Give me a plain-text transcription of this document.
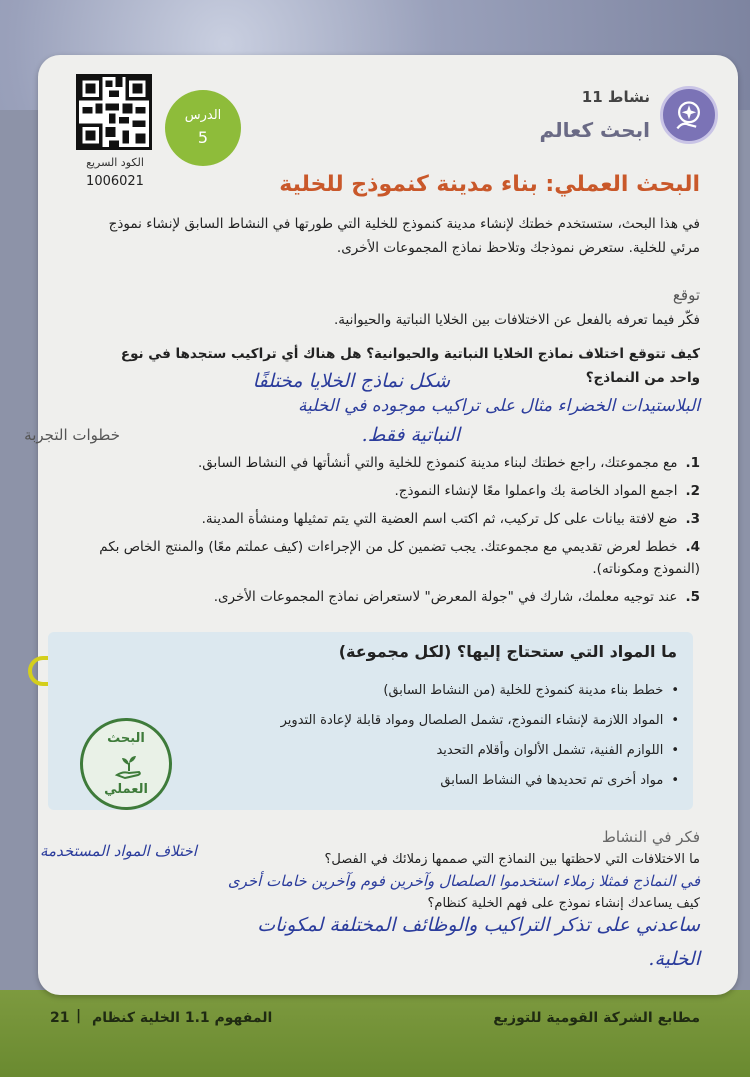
الكود السريع
1006021
الدرس
5
نشاط 11
ابحث كعالم
البحث العملي: بناء مدينة كنموذج للخلية
في هذا البحث، ستستخدم خطتك لإنشاء مدينة كنموذج للخلية التي طورتها في النشاط السابق لإنشاء نموذج مرئي للخلية. ستعرض نموذجك وتلاحظ نماذج المجموعات الأخرى.
توقع
فكّر فيما تعرفه بالفعل عن الاختلافات بين الخلايا النباتية والحيوانية.
كيف تتوقع اختلاف نماذج الخلايا النباتية والحيوانية؟ هل هناك أي تراكيب ستجدها في نوع واحد من النماذج؟
شكل نماذج الخلايا مختلفًا
البلاستيدات الخضراء مثال على تراكيب موجوده في الخلية
النباتية فقط.
خطوات التجربة
1.مع مجموعتك، راجع خطتك لبناء مدينة كنموذج للخلية والتي أنشأتها في النشاط السابق.
2.اجمع المواد الخاصة بك واعملوا معًا لإنشاء النموذج.
3.ضع لافتة بيانات على كل تركيب، ثم اكتب اسم العضية التي يتم تمثيلها ومنشأة المدينة.
4.خطط لعرض تقديمي مع مجموعتك. يجب تضمين كل من الإجراءات (كيف عملتم معًا) والمنتج الخاص بكم (النموذج ومكوناته).
5.عند توجيه معلمك، شارك في "جولة المعرض" لاستعراض نماذج المجموعات الأخرى.
ما المواد التي ستحتاج إليها؟ (لكل مجموعة)
• خطط بناء مدينة كنموذج للخلية (من النشاط السابق)
• المواد اللازمة لإنشاء النموذج، تشمل الصلصال ومواد قابلة لإعادة التدوير
• اللوازم الفنية، تشمل الألوان وأقلام التحديد
• مواد أخرى تم تحديدها في النشاط السابق
البحث
العملي
فكر في النشاط
ما الاختلافات التي لاحظتها بين النماذج التي صممها زملائك في الفصل؟
اختلاف المواد المستخدمة
في النماذج فمثلا زملاء استخدموا الصلصال وآخرين فوم وآخرين خامات أخرى
كيف يساعدك إنشاء نموذج على فهم الخلية كنظام؟
ساعدني على تذكر التراكيب والوظائف المختلفة لمكونات
الخلية.
21 | المفهوم 1.1 الخلية كنظام	مطابع الشركة القومية للتوزيع
